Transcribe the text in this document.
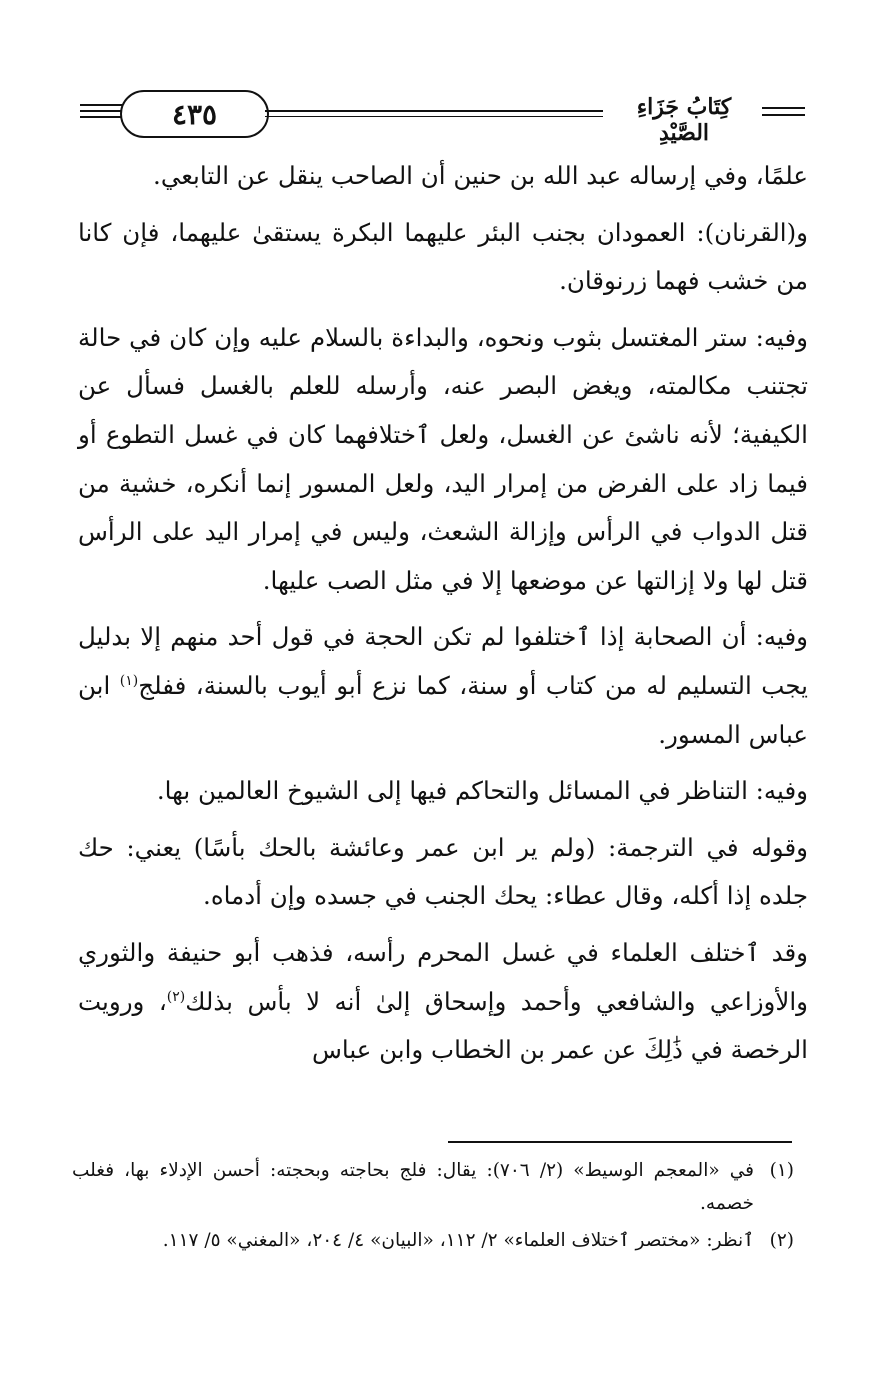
٤٣٥	كِتَابُ جَزَاءِ الصَّيْدِ

علمًا، وفي إرساله عبد الله بن حنين أن الصاحب ينقل عن التابعي.

و(القرنان): العمودان بجنب البئر عليهما البكرة يستقىٰ عليهما، فإن كانا من خشب فهما زرنوقان.

وفيه: ستر المغتسل بثوب ونحوه، والبداءة بالسلام عليه وإن كان في حالة تجتنب مكالمته، ويغض البصر عنه، وأرسله للعلم بالغسل فسأل عن الكيفية؛ لأنه ناشئ عن الغسل، ولعل ٱختلافهما كان في غسل التطوع أو فيما زاد على الفرض من إمرار اليد، ولعل المسور إنما أنكره، خشية من قتل الدواب في الرأس وإزالة الشعث، وليس في إمرار اليد على الرأس قتل لها ولا إزالتها عن موضعها إلا في مثل الصب عليها.

وفيه: أن الصحابة إذا ٱختلفوا لم تكن الحجة في قول أحد منهم إلا بدليل يجب التسليم له من كتاب أو سنة، كما نزع أبو أيوب بالسنة، ففلج$^{(١)}$ ابن عباس المسور.

وفيه: التناظر في المسائل والتحاكم فيها إلى الشيوخ العالمين بها.

وقوله في الترجمة: (ولم ير ابن عمر وعائشة بالحك بأسًا) يعني: حك جلده إذا أكله، وقال عطاء: يحك الجنب في جسده وإن أدماه.

وقد ٱختلف العلماء في غسل المحرم رأسه، فذهب أبو حنيفة والثوري والأوزاعي والشافعي وأحمد وإسحاق إلىٰ أنه لا بأس بذلك$^{(٢)}$، ورويت الرخصة في ذَٰلِكَ عن عمر بن الخطاب وابن عباس

(١)
في «المعجم الوسيط» (٢/ ٧٠٦): يقال: فلج بحاجته وبحجته: أحسن الإدلاء بها، فغلب خصمه.
(٢)
ٱنظر: «مختصر ٱختلاف العلماء» ٢/ ١١٢، «البيان» ٤/ ٢٠٤، «المغني» ٥/ ١١٧.
